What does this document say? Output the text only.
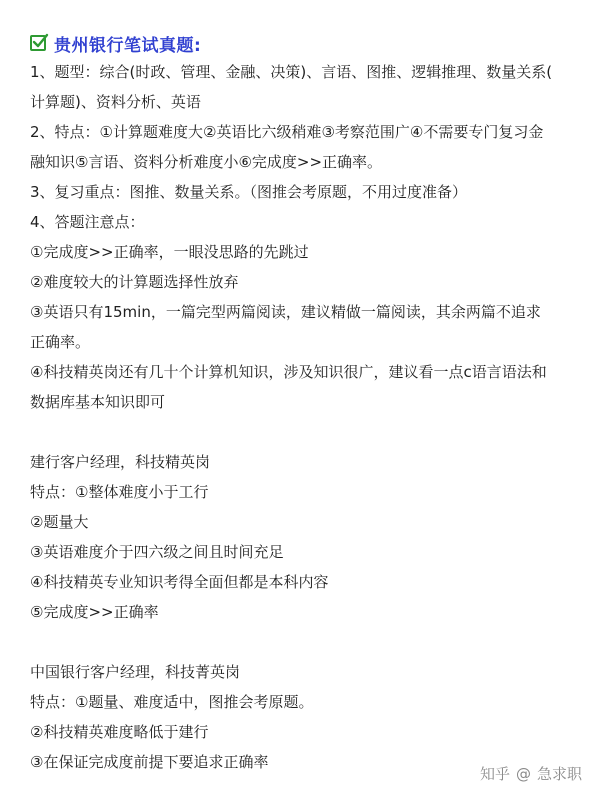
贵州银行笔试真题:
1、题型：综合(时政、管理、金融、决策)、言语、图推、逻辑推理、数量关系(
计算题)、资料分析、英语
2、特点：①计算题难度大②英语比六级稍难③考察范围广④不需要专门复习金
融知识⑤言语、资料分析难度小⑥完成度>>正确率。
3、复习重点：图推、数量关系。（图推会考原题，不用过度准备）
4、答题注意点：
①完成度>>正确率，一眼没思路的先跳过
②难度较大的计算题选择性放弃
③英语只有15min，一篇完型两篇阅读，建议精做一篇阅读，其余两篇不追求
正确率。
④科技精英岗还有几十个计算机知识，涉及知识很广，建议看一点c语言语法和
数据库基本知识即可
建行客户经理，科技精英岗
特点：①整体难度小于工行
②题量大
③英语难度介于四六级之间且时间充足
④科技精英专业知识考得全面但都是本科内容
⑤完成度>>正确率
中国银行客户经理，科技菁英岗
特点：①题量、难度适中，图推会考原题。
②科技精英难度略低于建行
③在保证完成度前提下要追求正确率
知乎 @ 急求职
